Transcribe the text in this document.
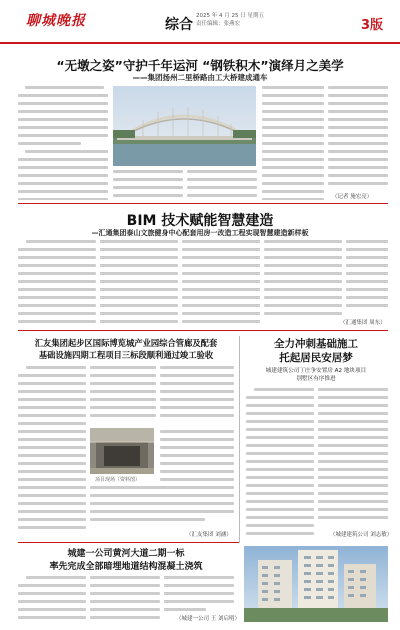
聊城晚报	综合
2025 年 4 月 25 日 星期五
责任编辑：张燕宏	3版
“无墩之姿”守护千年运河 “钢铁积木”演绎月之美学
——集团扬州二里桥路由工大桥建成通车
（记者 施宏亮）
BIM 技术赋能智慧建造
—汇通集团泰山文旅健身中心配套用房一改造工程实现智慧建造新样板
（汇通集团 周东）
汇友集团起步区国际博览城产业园综合管廊及配套
基础设施四期工程项目三标段顺利通过竣工验收
项目现场（资料图）
（汇友集团 刘涵）
全力冲刺基础施工
托起居民安居梦
城建建筑公司丁庄争安置房 A2 地块项目
别墅区有序推进
（城建建筑公司 刘志敏）
城建一公司黄河大道二期一标
率先完成全部暗埋地道结构混凝土浇筑
（城建一公司 王 刘启明）
